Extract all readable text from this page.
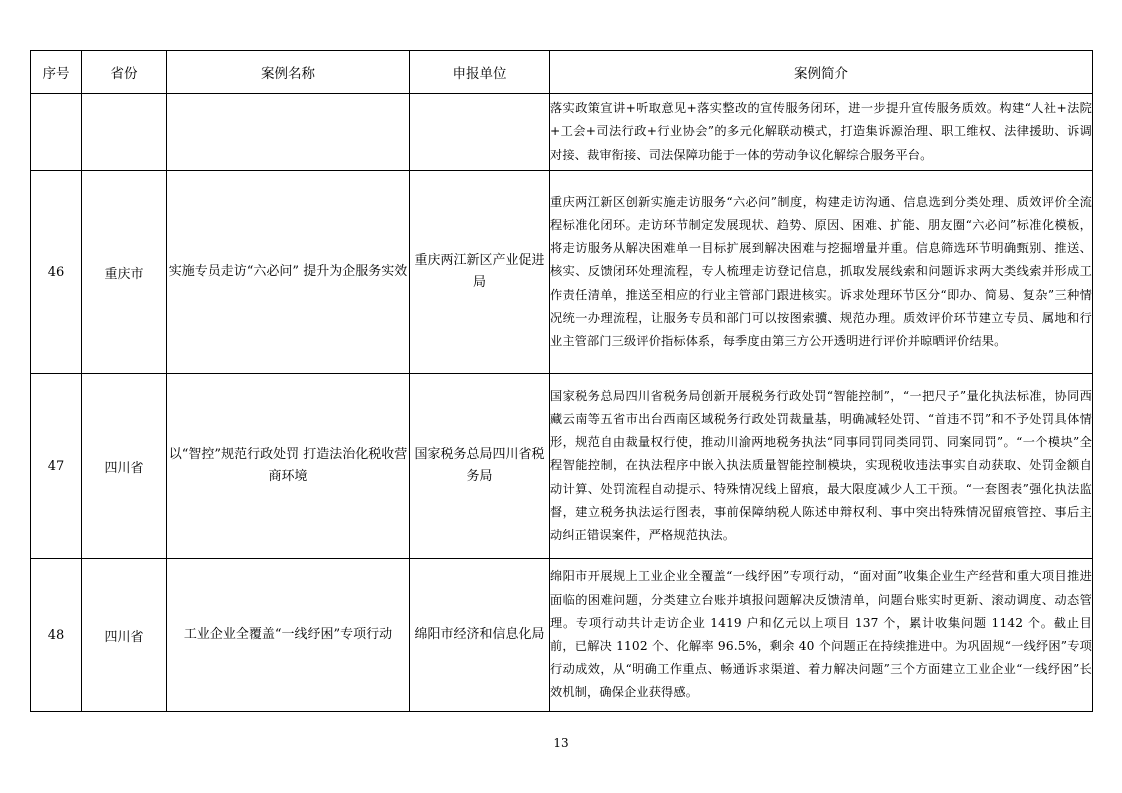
序号	省份	案例名称	申报单位	案例简介
				落实政策宣讲+听取意见+落实整改的宣传服务闭环，进一步提升宣传服务质效。构建“人社+法院+工会+司法行政+行业协会”的多元化解联动模式，打造集诉源治理、职工维权、法律援助、诉调对接、裁审衔接、司法保障功能于一体的劳动争议化解综合服务平台。
46	重庆市	实施专员走访“六必问” 提升为企服务实效	重庆两江新区产业促进局	重庆两江新区创新实施走访服务“六必问”制度，构建走访沟通、信息选到分类处理、质效评价全流程标准化闭环。走访环节制定发展现状、趋势、原因、困难、扩能、朋友圈“六必问”标准化模板，将走访服务从解决困难单一目标扩展到解决困难与挖掘增量并重。信息筛选环节明确甄别、推送、核实、反馈闭环处理流程，专人梳理走访登记信息，抓取发展线索和问题诉求两大类线索并形成工作责任清单，推送至相应的行业主管部门跟进核实。诉求处理环节区分“即办、简易、复杂”三种情况统一办理流程，让服务专员和部门可以按图索骥、规范办理。质效评价环节建立专员、属地和行业主管部门三级评价指标体系，每季度由第三方公开透明进行评价并晾晒评价结果。
47	四川省	以“智控”规范行政处罚 打造法治化税收营商环境	国家税务总局四川省税务局	国家税务总局四川省税务局创新开展税务行政处罚“智能控制”，“一把尺子”量化执法标准，协同西藏云南等五省市出台西南区域税务行政处罚裁量基，明确减轻处罚、“首违不罚”和不予处罚具体情形，规范自由裁量权行使，推动川渝两地税务执法“同事同罚同类同罚、同案同罚”。“一个模块”全程智能控制，在执法程序中嵌入执法质量智能控制模块，实现税收违法事实自动获取、处罚金额自动计算、处罚流程自动提示、特殊情况线上留痕，最大限度减少人工干预。“一套图表”强化执法监督，建立税务执法运行图表，事前保障纳税人陈述申辩权利、事中突出特殊情况留痕管控、事后主动纠正错误案件，严格规范执法。
48	四川省	工业企业全覆盖“一线纾困”专项行动	绵阳市经济和信息化局	绵阳市开展规上工业企业全覆盖“一线纾困”专项行动，“面对面”收集企业生产经营和重大项目推进面临的困难问题，分类建立台账并填报问题解决反馈清单，问题台账实时更新、滚动调度、动态管理。专项行动共计走访企业 1419 户和亿元以上项目 137 个，累计收集问题 1142 个。截止目前，已解决 1102 个、化解率 96.5%，剩余 40 个问题正在持续推进中。为巩固规“一线纾困”专项行动成效，从“明确工作重点、畅通诉求渠道、着力解决问题”三个方面建立工业企业“一线纾困”长效机制，确保企业获得感。
13
